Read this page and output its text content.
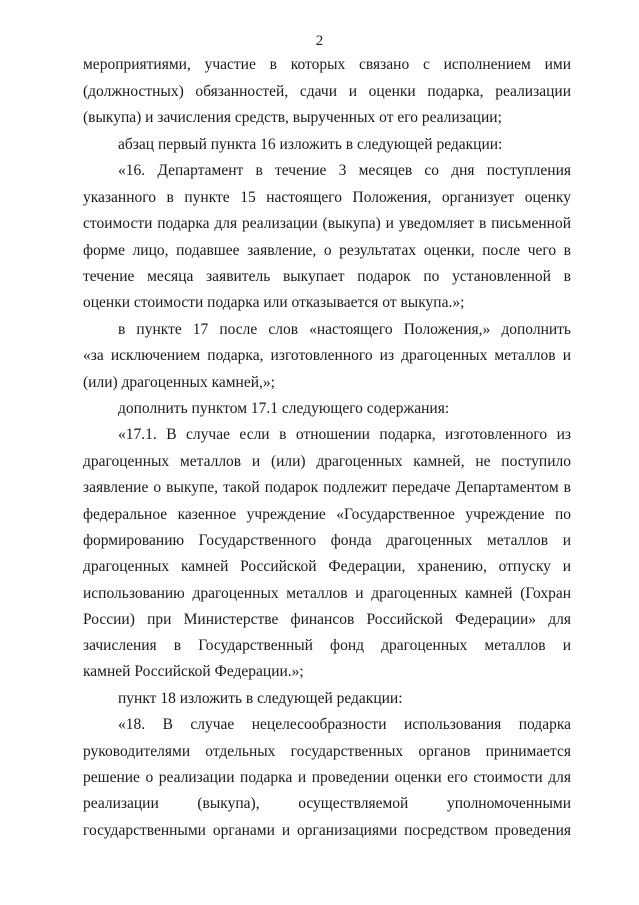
2
мероприятиями, участие в которых связано с исполнением ими
(должностных) обязанностей, сдачи и оценки подарка, реализации
(выкупа) и зачисления средств, вырученных от его реализации;
абзац первый пункта 16 изложить в следующей редакции:
«16. Департамент в течение 3 месяцев со дня поступления
указанного в пункте 15 настоящего Положения, организует оценку
стоимости подарка для реализации (выкупа) и уведомляет в письменной
форме лицо, подавшее заявление, о результатах оценки, после чего в
течение месяца заявитель выкупает подарок по установленной в
оценки стоимости подарка или отказывается от выкупа.»;
в пункте 17 после слов «настоящего Положения,» дополнить
«за исключением подарка, изготовленного из драгоценных металлов и
(или) драгоценных камней,»;
дополнить пунктом 17.1 следующего содержания:
«17.1. В случае если в отношении подарка, изготовленного из
драгоценных металлов и (или) драгоценных камней, не поступило
заявление о выкупе, такой подарок подлежит передаче Департаментом в
федеральное казенное учреждение «Государственное учреждение по
формированию Государственного фонда драгоценных металлов и
драгоценных камней Российской Федерации, хранению, отпуску и
использованию драгоценных металлов и драгоценных камней (Гохран
России) при Министерстве финансов Российской Федерации» для
зачисления в Государственный фонд драгоценных металлов и
камней Российской Федерации.»;
пункт 18 изложить в следующей редакции:
«18. В случае нецелесообразности использования подарка
руководителями отдельных государственных органов принимается
решение о реализации подарка и проведении оценки его стоимости для
реализации (выкупа), осуществляемой уполномоченными
государственными органами и организациями посредством проведения
